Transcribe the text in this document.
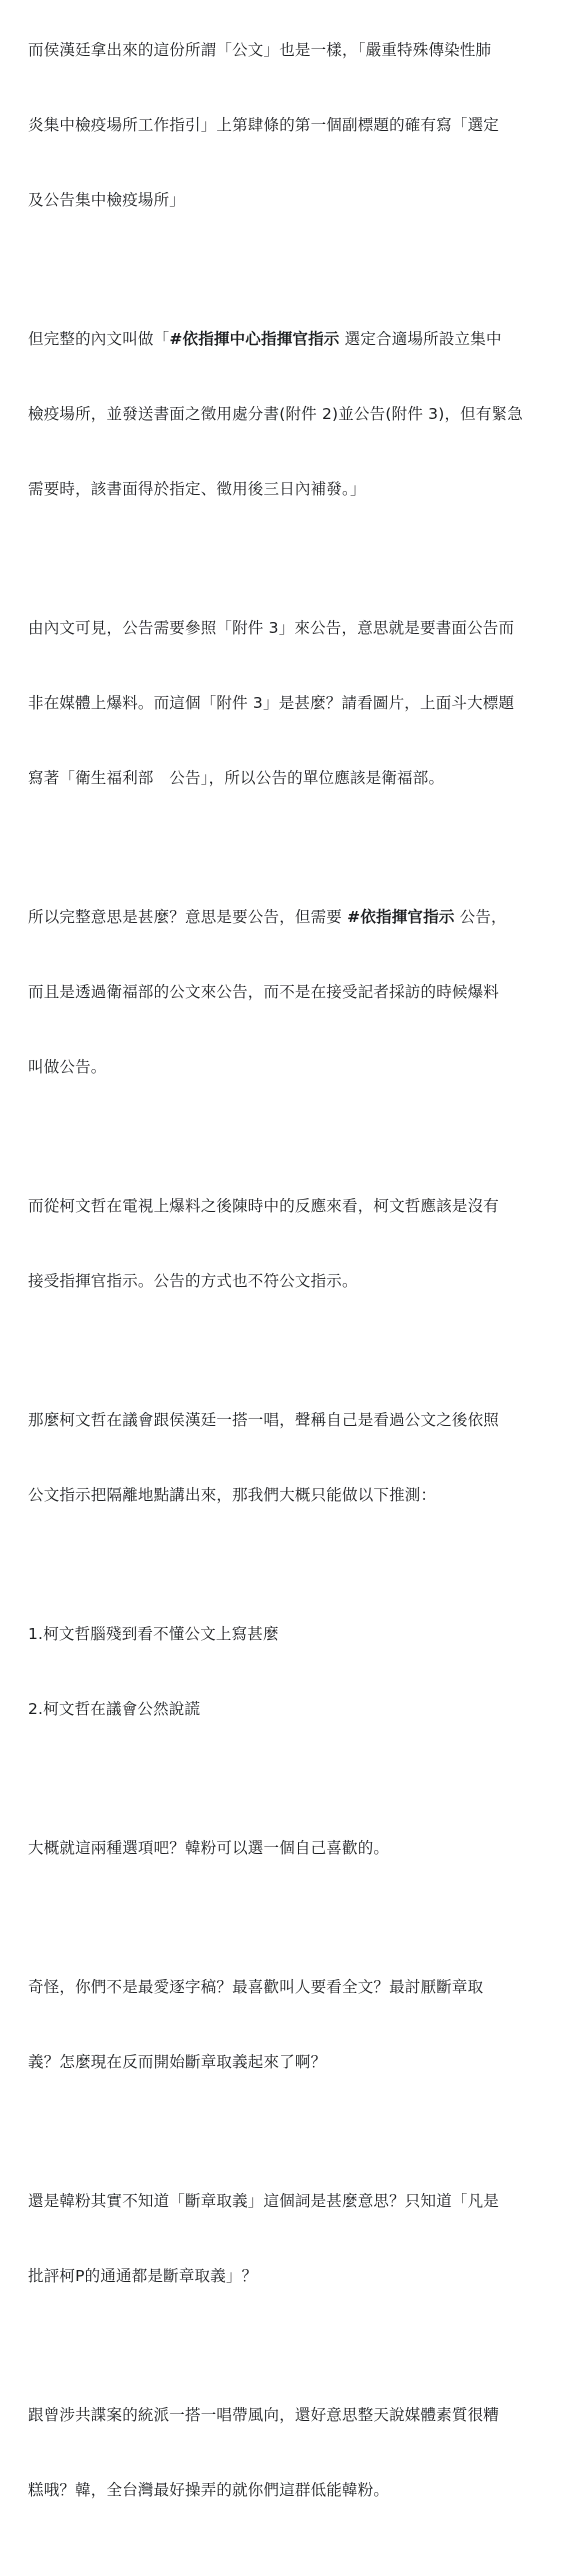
而侯漢廷拿出來的這份所謂「公文」也是一樣，「嚴重特殊傳染性肺

炎集中檢疫場所工作指引」上第肆條的第一個副標題的確有寫「選定

及公告集中檢疫場所」

但完整的內文叫做「#依指揮中心指揮官指示 選定合適場所設立集中

檢疫場所，並發送書面之徵用處分書(附件 2)並公告(附件 3)，但有緊急

需要時，該書面得於指定、徵用後三日內補發。」

由內文可見，公告需要參照「附件 3」來公告，意思就是要書面公告而

非在媒體上爆料。而這個「附件 3」是甚麼？請看圖片，上面斗大標題

寫著「衛生福利部　公告」，所以公告的單位應該是衛福部。

所以完整意思是甚麼？意思是要公告，但需要 #依指揮官指示 公告，

而且是透過衛福部的公文來公告，而不是在接受記者採訪的時候爆料

叫做公告。

而從柯文哲在電視上爆料之後陳時中的反應來看，柯文哲應該是沒有

接受指揮官指示。公告的方式也不符公文指示。

那麼柯文哲在議會跟侯漢廷一搭一唱，聲稱自己是看過公文之後依照

公文指示把隔離地點講出來，那我們大概只能做以下推測：

1.柯文哲腦殘到看不懂公文上寫甚麼

2.柯文哲在議會公然說謊

大概就這兩種選項吧？韓粉可以選一個自己喜歡的。

奇怪，你們不是最愛逐字稿？最喜歡叫人要看全文？最討厭斷章取

義？怎麼現在反而開始斷章取義起來了啊？

還是韓粉其實不知道「斷章取義」這個詞是甚麼意思？只知道「凡是

批評柯P的通通都是斷章取義」？

跟曾涉共諜案的統派一搭一唱帶風向，還好意思整天說媒體素質很糟

糕哦？韓，全台灣最好操弄的就你們這群低能韓粉。
